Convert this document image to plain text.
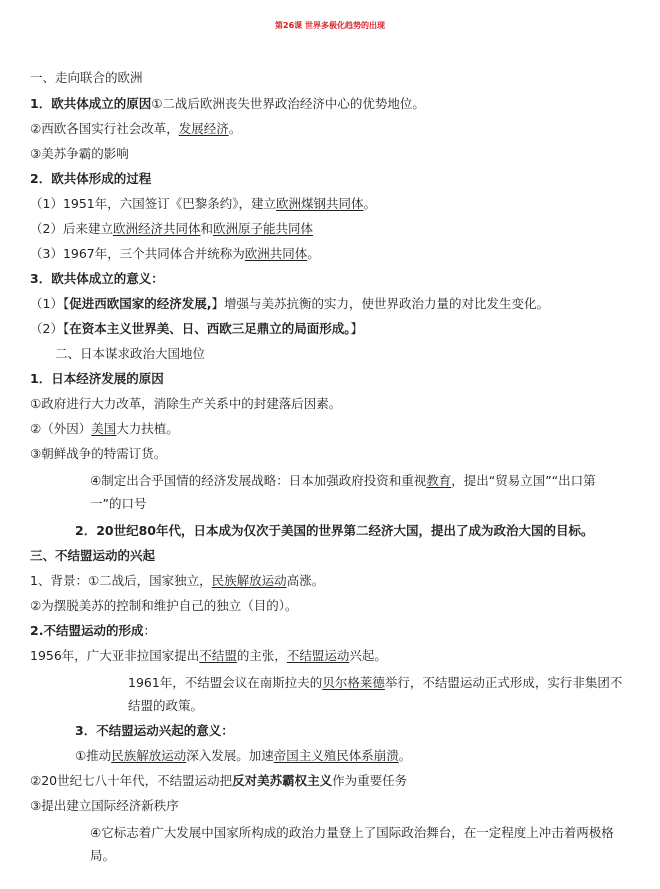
第26课 世界多极化趋势的出现
一、走向联合的欧洲
1．欧共体成立的原因①二战后欧洲丧失世界政治经济中心的优势地位。
②西欧各国实行社会改革，发展经济。
③美苏争霸的影响
2．欧共体形成的过程
（1）1951年，六国签订《巴黎条约》，建立欧洲煤钢共同体。
（2）后来建立欧洲经济共同体和欧洲原子能共同体
（3）1967年，三个共同体合并统称为欧洲共同体。
3．欧共体成立的意义：
（1）【促进西欧国家的经济发展,】增强与美苏抗衡的实力，使世界政治力量的对比发生变化。
（2）【在资本主义世界美、日、西欧三足鼎立的局面形成。】
二、日本谋求政治大国地位
1．日本经济发展的原因
①政府进行大力改革，消除生产关系中的封建落后因素。
②（外因）美国大力扶植。
③朝鲜战争的特需订货。
④制定出合乎国情的经济发展战略：日本加强政府投资和重视教育，提出“贸易立国”“出口第
一”的口号
2．20世纪80年代，日本成为仅次于美国的世界第二经济大国，提出了成为政治大国的目标。
三、不结盟运动的兴起
1、背景：①二战后，国家独立，民族解放运动高涨。
②为摆脱美苏的控制和维护自己的独立（目的）。
2.不结盟运动的形成：
1956年，广大亚非拉国家提出不结盟的主张，不结盟运动兴起。
1961年，不结盟会议在南斯拉夫的贝尔格莱德举行，不结盟运动正式形成，实行非集团不
结盟的政策。
3．不结盟运动兴起的意义：
①推动民族解放运动深入发展。加速帝国主义殖民体系崩溃。
②20世纪七八十年代，不结盟运动把反对美苏霸权主义作为重要任务
③提出建立国际经济新秩序
④它标志着广大发展中国家所构成的政治力量登上了国际政治舞台，在一定程度上冲击着两极格
局。
